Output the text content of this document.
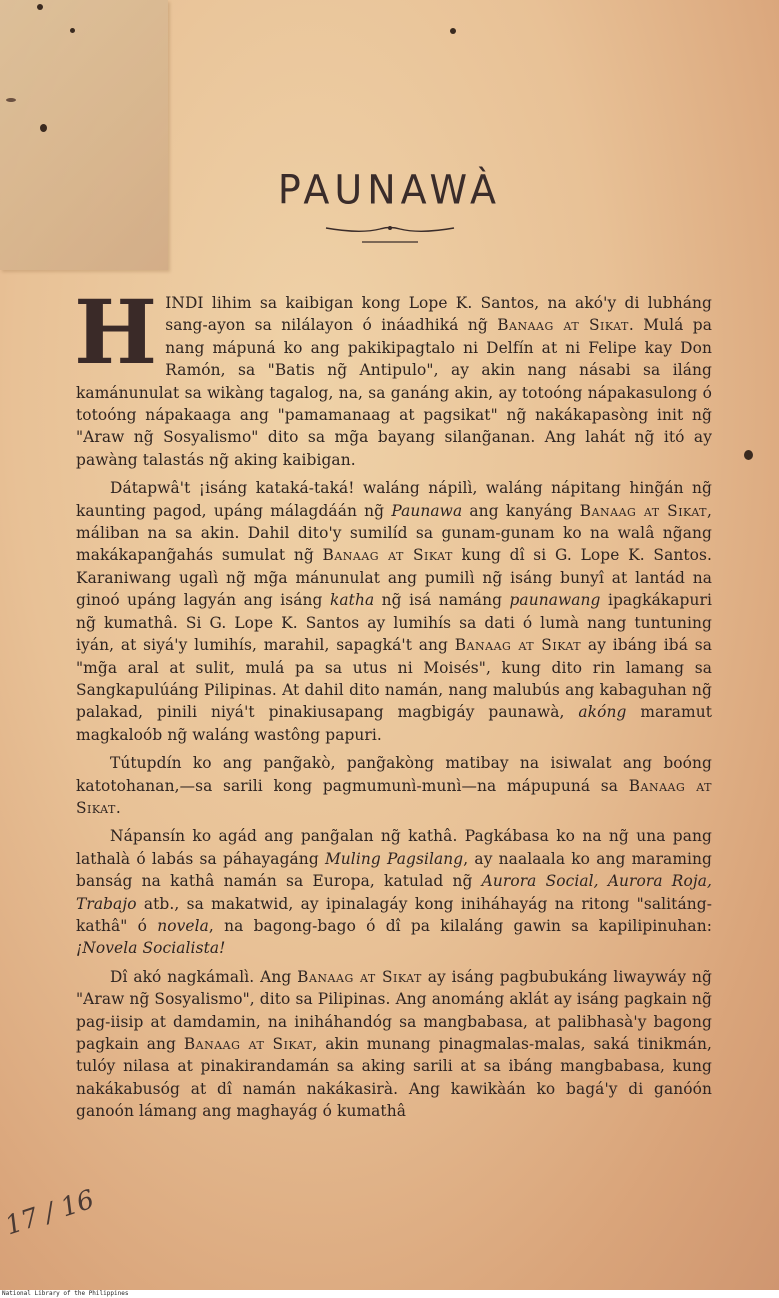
PAUNAWÀ

H INDI lihim sa kaibigan kong Lope K. Santos, na akó'y di lubháng sang-ayon sa nilálayon ó ináadhiká ng̃ Banaag at Sikat. Mulá pa nang mápuná ko ang pakikipagtalo ni Delfín at ni Felipe kay Don Ramón, sa "Batis ng̃ Antipulo", ay akin nang násabi sa iláng kamánunulat sa wikàng tagalog, na, sa ganáng akin, ay totoóng nápakasulong ó totoóng nápakaaga ang "pamamanaag at pagsikat" ng̃ nakákapasòng init ng̃ "Araw ng̃ Sosyalismo" dito sa mg̃a bayang silang̃anan. Ang lahát ng̃ itó ay pawàng talastás ng̃ aking kaibigan.

Dátapwâ't ¡isáng kataká-taká! waláng nápilì, waláng nápitang hing̃án ng̃ kaunting pagod, upáng málagdáán ng̃ Paunawa ang kanyáng Banaag at Sikat, máliban na sa akin. Dahil dito'y sumilíd sa gunam-gunam ko na walâ ng̃ang makákapang̃ahás sumulat ng̃ Banaag at Sikat kung dî si G. Lope K. Santos. Karaniwang ugalì ng̃ mg̃a mánunulat ang pumilì ng̃ isáng bunyî at lantád na ginoó upáng lagyán ang isáng katha ng̃ isá namáng paunawang ipagkákapuri ng̃ kumathâ. Si G. Lope K. Santos ay lumihís sa dati ó lumà nang tuntuning iyán, at siyá'y lumihís, marahil, sapagká't ang Banaag at Sikat ay ibáng ibá sa "mg̃a aral at sulit, mulá pa sa utus ni Moisés", kung dito rin lamang sa Sangkapulúáng Pilipinas. At dahil dito namán, nang malubús ang kabaguhan ng̃ palakad, pinili niyá't pinakiusapang magbigáy paunawà, akóng maramut magkaloób ng̃ waláng wastông papuri.

Tútupdín ko ang pang̃akò, pang̃akòng matibay na isiwalat ang boóng katotohanan,—sa sarili kong pagmumunì-munì—na mápupuná sa Banaag at Sikat.

Nápansín ko agád ang pang̃alan ng̃ kathâ. Pagkábasa ko na ng̃ una pang lathalà ó labás sa páhayagáng Muling Pagsilang, ay naalaala ko ang maraming banság na kathâ namán sa Europa, katulad ng̃ Aurora Social, Aurora Roja, Trabajo atb., sa makatwid, ay ipinalagáy kong iniháhayág na ritong "salitáng-kathâ" ó novela, na bagong-bago ó dî pa kilaláng gawin sa kapilipinuhan: ¡Novela Socialista!

Dî akó nagkámalì. Ang Banaag at Sikat ay isáng pagbubukáng liwaywáy ng̃ "Araw ng̃ Sosyalismo", dito sa Pilipinas. Ang anománg aklát ay isáng pagkain ng̃ pag-iisip at damdamin, na iniháhandóg sa mangbabasa, at palibhasà'y bagong pagkain ang Banaag at Sikat, akin munang pinagmalas-malas, saká tinikmán, tulóy nilasa at pinakirandamán sa aking sarili at sa ibáng mangbabasa, kung nakákabusóg at dî namán nakákasirà. Ang kawikàán ko bagá'y di ganóón ganoón lámang ang maghayág ó kumathâ

17 / 16
National Library of the Philippines
